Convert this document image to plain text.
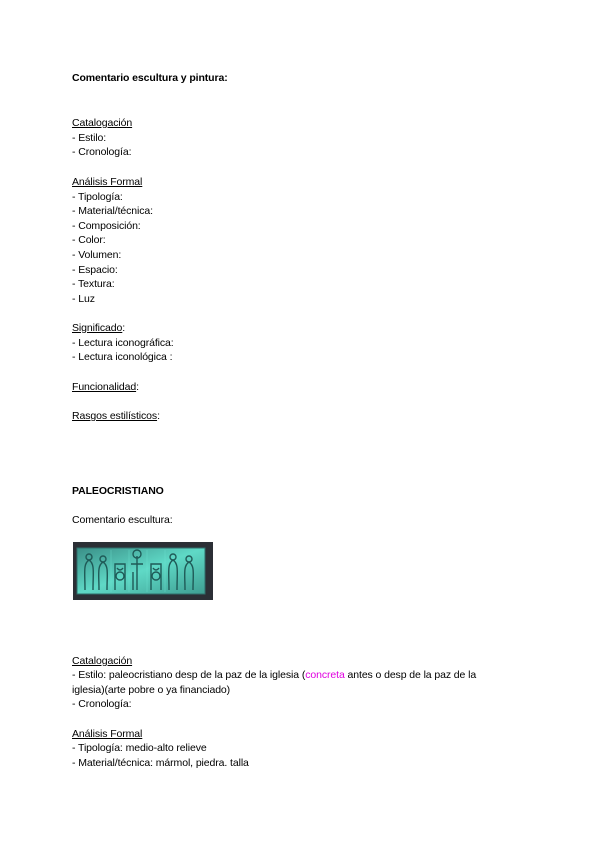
Comentario escultura y pintura:
Catalogación
- Estilo:
- Cronología:
Análisis Formal
- Tipología:
- Material/técnica:
- Composición:
- Color:
- Volumen:
- Espacio:
- Textura:
- Luz
Significado:
- Lectura iconográfica:
- Lectura iconológica :
Funcionalidad:
Rasgos estilísticos:
PALEOCRISTIANO
Comentario escultura:
Catalogación
- Estilo: paleocristiano desp de la paz de la iglesia (concreta antes o desp de la paz de la
iglesia)(arte pobre o ya financiado)
- Cronología:
Análisis Formal
- Tipología: medio-alto relieve
- Material/técnica: mármol, piedra. talla
